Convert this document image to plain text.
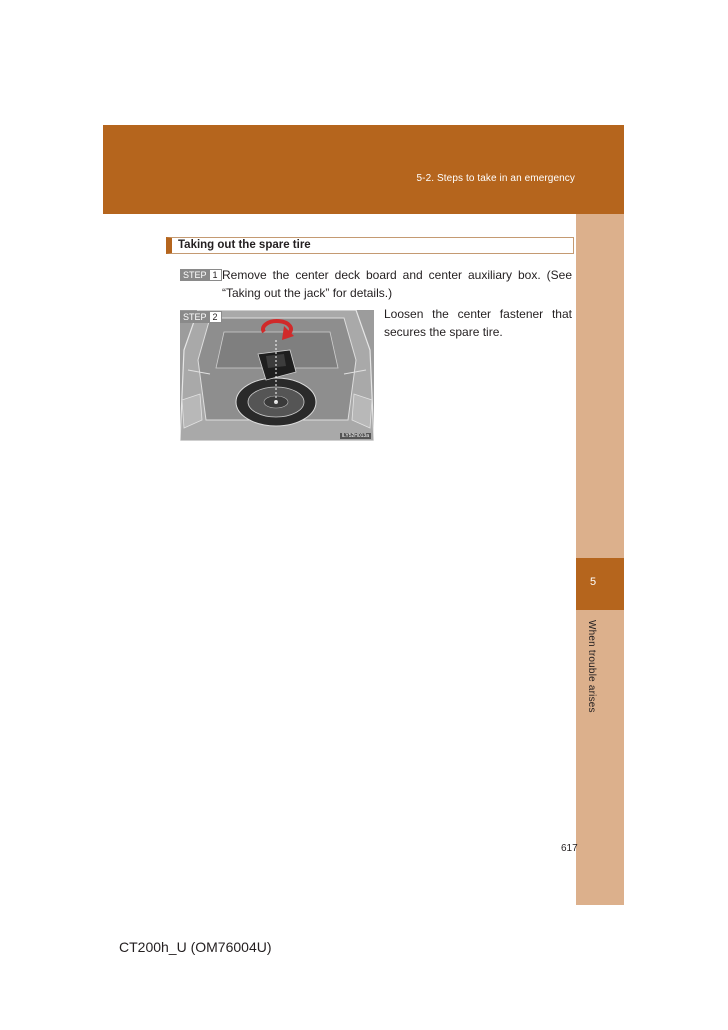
5-2. Steps to take in an emergency
5
When trouble arises
Taking out the spare tire
STEP 1 Remove the center deck board and center auxiliary box. (See “Taking out the jack” for details.)
STEP 2
ILY52H013a
Loosen the center fastener that secures the spare tire.
617
CT200h_U (OM76004U)
